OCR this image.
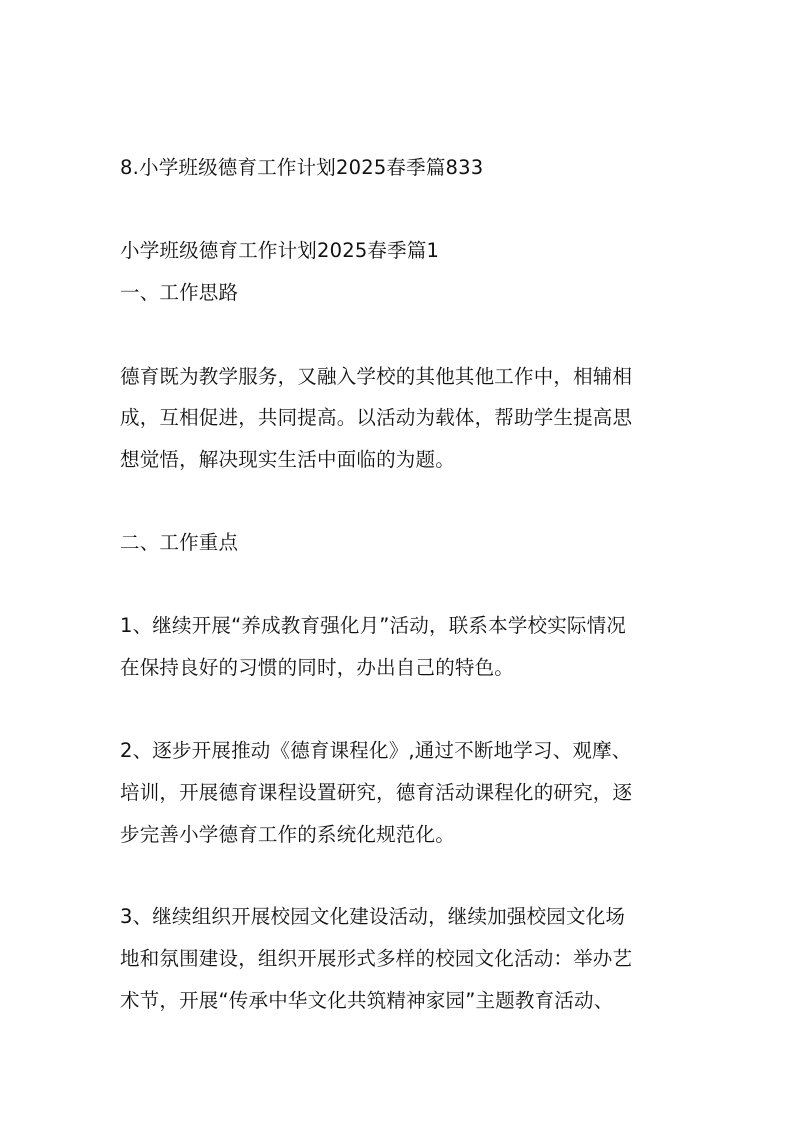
8.小学班级德育工作计划2025春季篇833
小学班级德育工作计划2025春季篇1
一、工作思路
德育既为教学服务，又融入学校的其他其他工作中，相辅相
成，互相促进，共同提高。以活动为载体，帮助学生提高思
想觉悟，解决现实生活中面临的为题。
二、工作重点
1、继续开展“养成教育强化月”活动，联系本学校实际情况
在保持良好的习惯的同时，办出自己的特色。
2、逐步开展推动《德育课程化》,通过不断地学习、观摩、
培训，开展德育课程设置研究，德育活动课程化的研究，逐
步完善小学德育工作的系统化规范化。
3、继续组织开展校园文化建设活动，继续加强校园文化场
地和氛围建设，组织开展形式多样的校园文化活动：举办艺
术节，开展“传承中华文化共筑精神家园”主题教育活动、
